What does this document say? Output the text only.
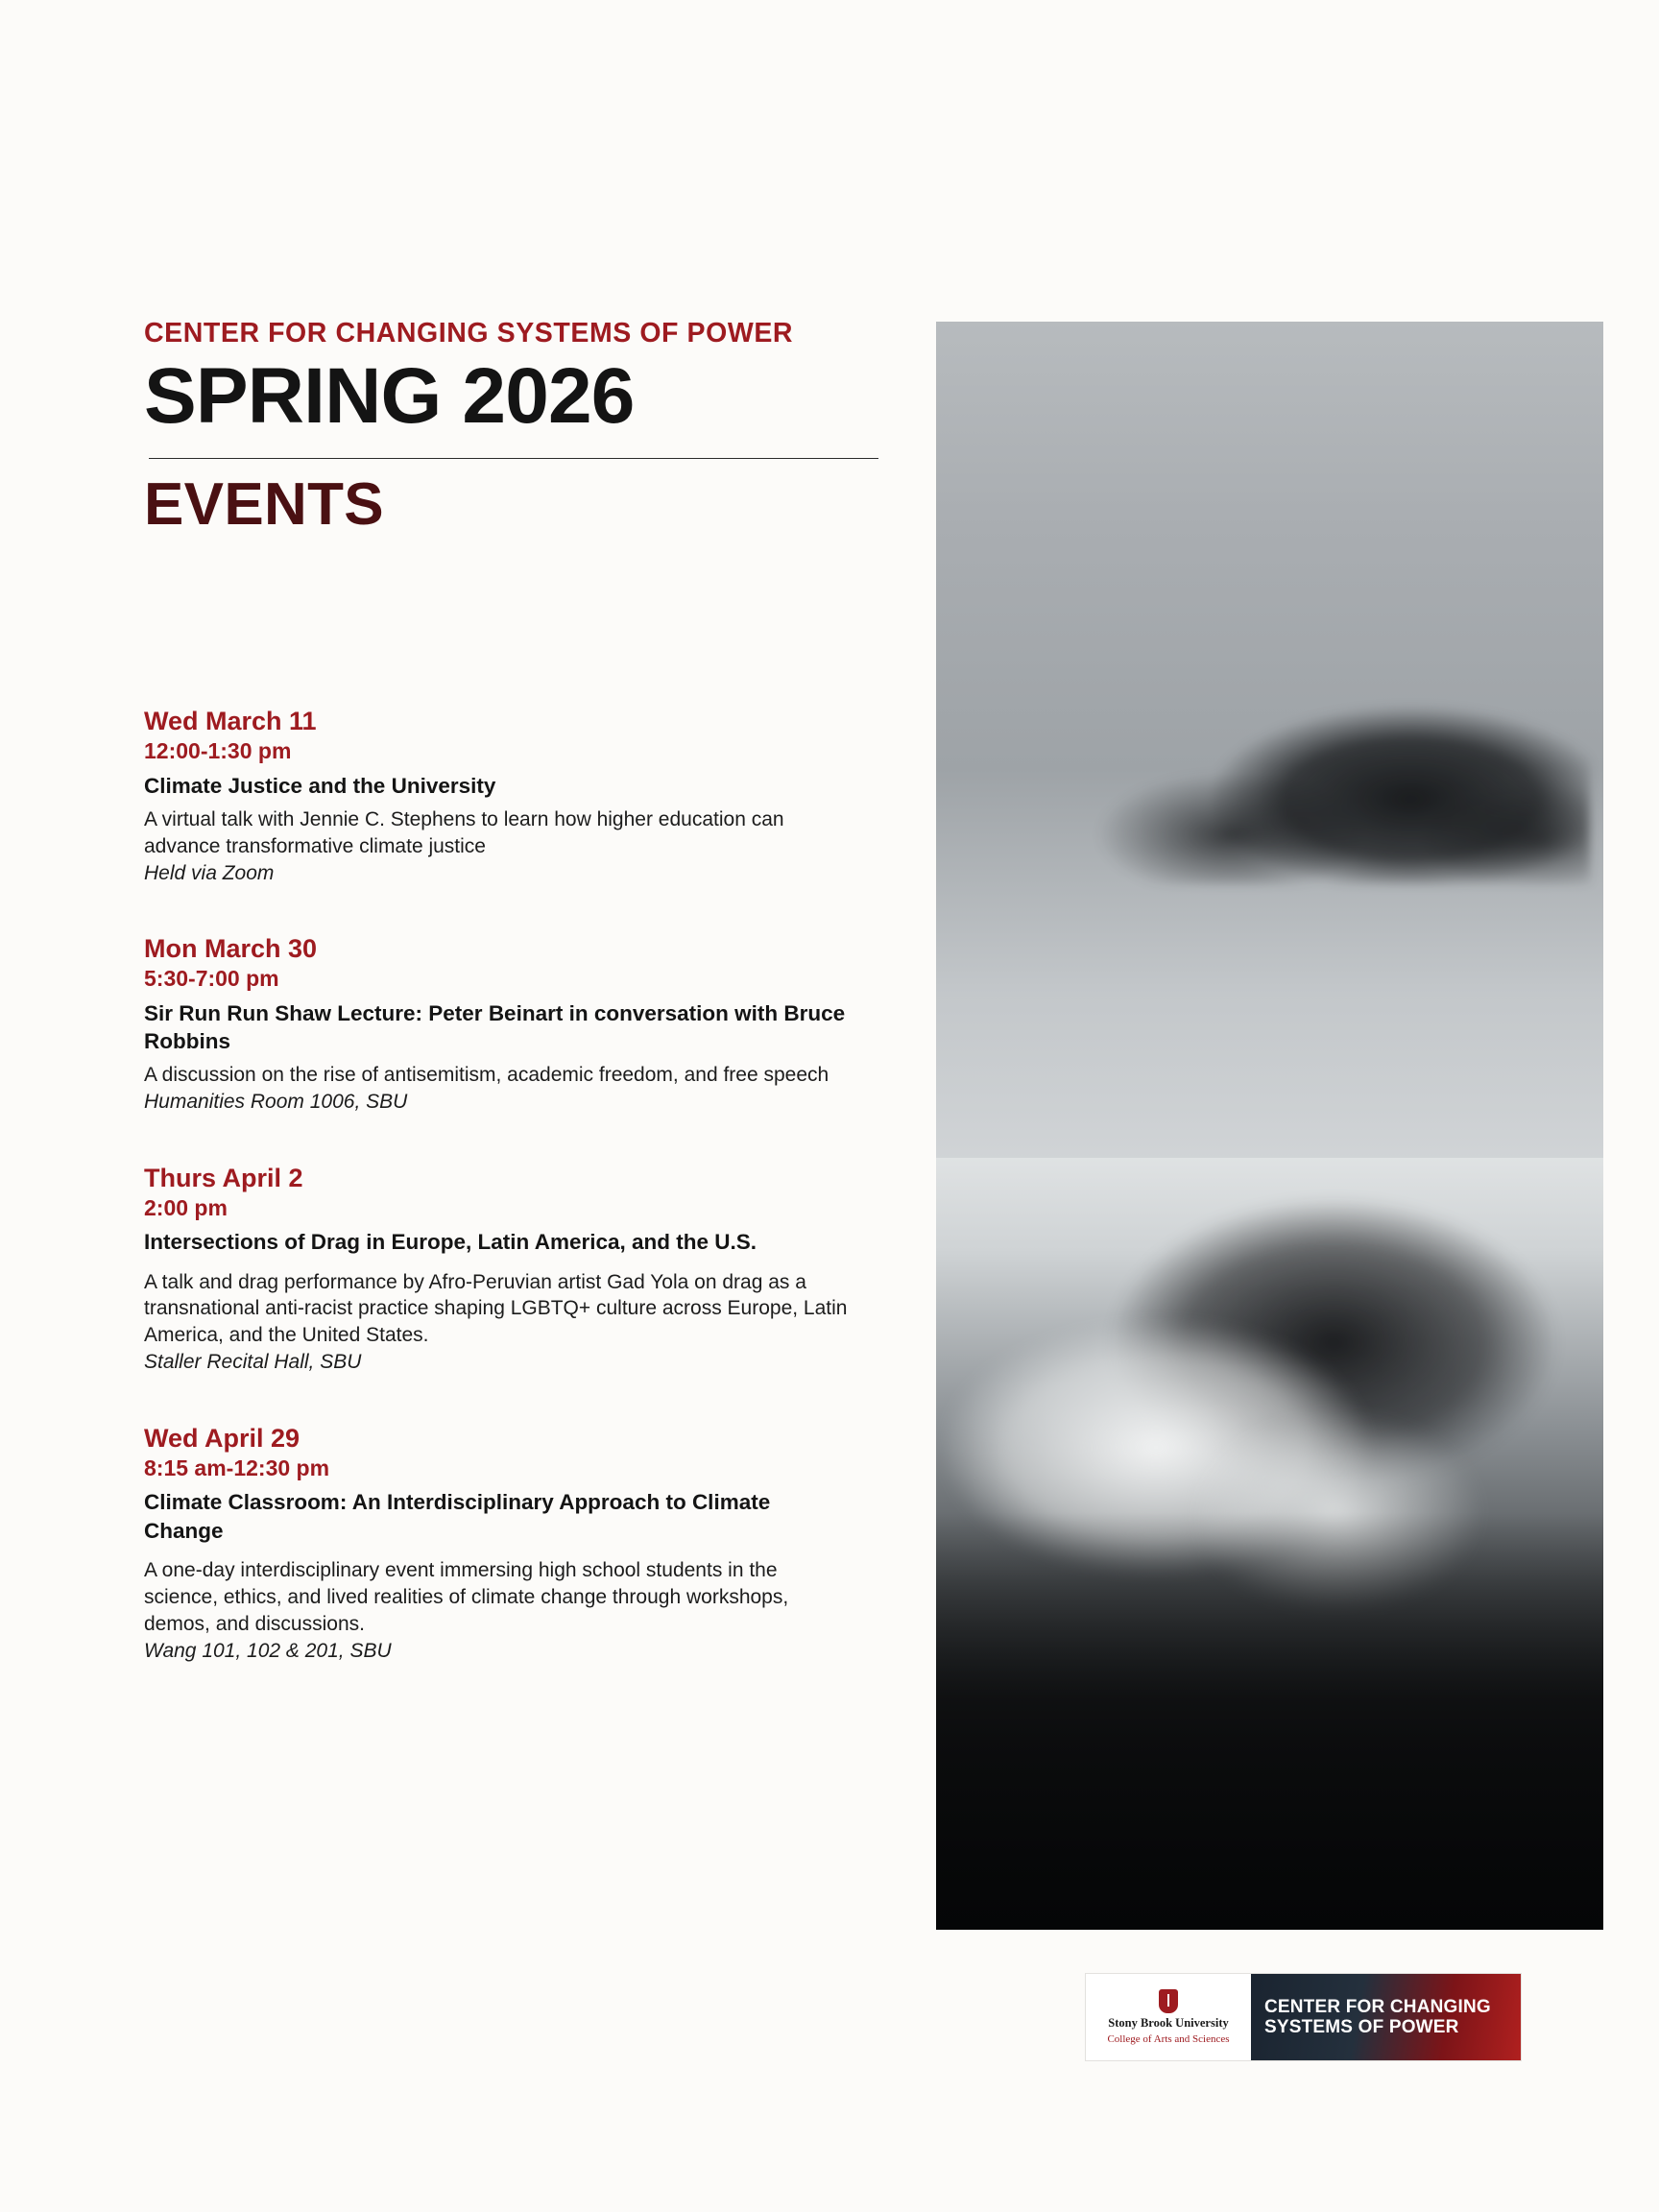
CENTER FOR CHANGING SYSTEMS OF POWER
SPRING 2026
EVENTS
Wed March 11
12:00-1:30 pm
Climate Justice and the University
A virtual talk with Jennie C. Stephens to learn how higher education can advance transformative climate justice
Held via Zoom
Mon March 30
5:30-7:00 pm
Sir Run Run Shaw Lecture: Peter Beinart in conversation with Bruce Robbins
A discussion on the rise of antisemitism, academic freedom, and free speech
Humanities Room 1006, SBU
Thurs April 2
2:00 pm
Intersections of Drag in Europe, Latin America, and the U.S.
A talk and drag performance by Afro-Peruvian artist Gad Yola on drag as a transnational anti-racist practice shaping LGBTQ+ culture across Europe, Latin America, and the United States.
Staller Recital Hall, SBU
Wed April 29
8:15 am-12:30 pm
Climate Classroom: An Interdisciplinary Approach to Climate Change
A one-day interdisciplinary event immersing high school students in the science, ethics, and lived realities of climate change through workshops, demos, and discussions.
Wang 101, 102 & 201, SBU
Stony Brook University
College of Arts and Sciences
CENTER FOR CHANGING
SYSTEMS OF POWER
